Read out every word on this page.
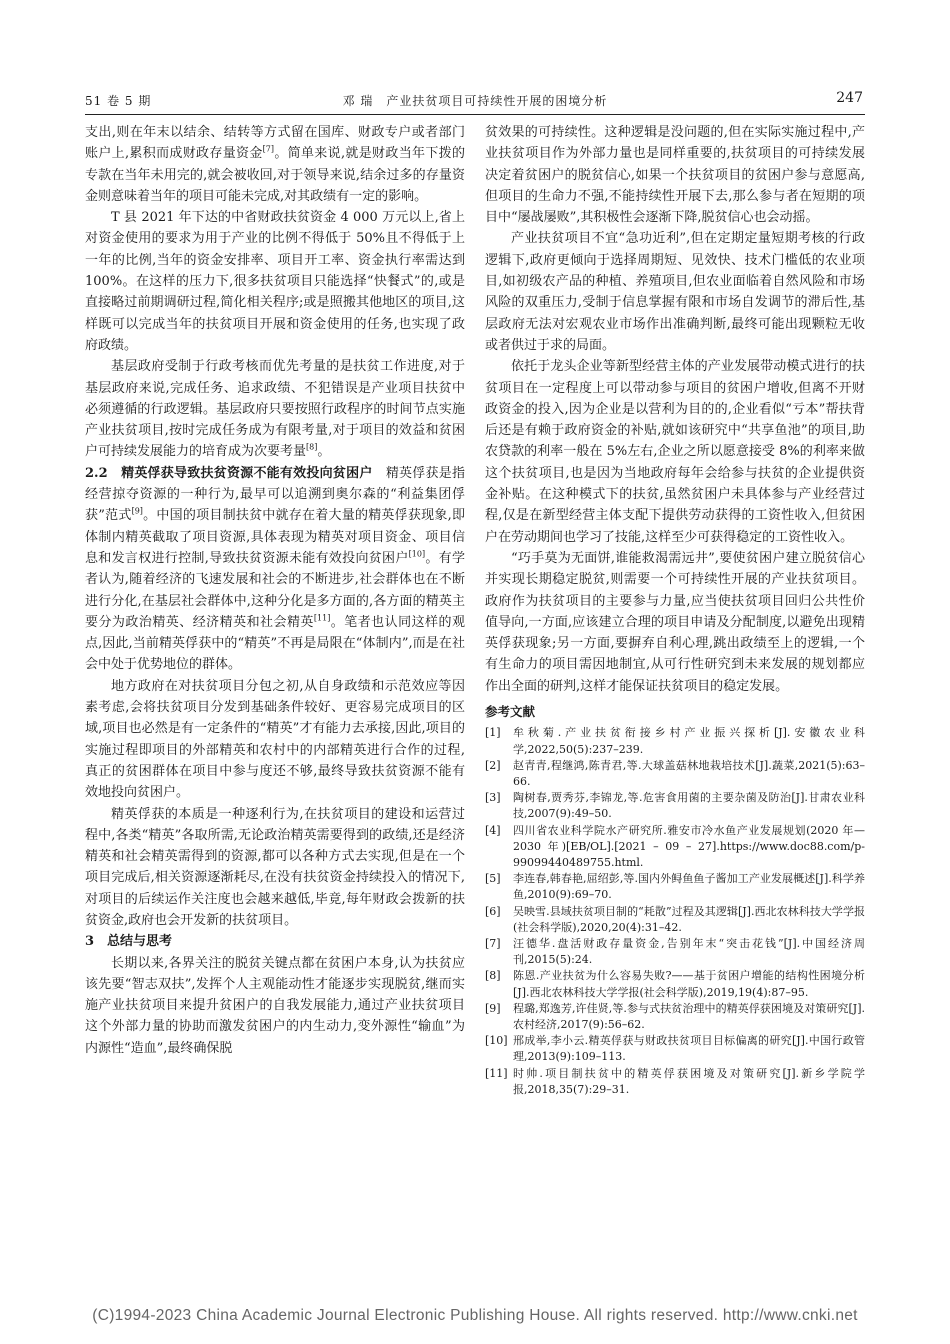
51 卷 5 期	邓 瑞　产业扶贫项目可持续性开展的困境分析	247

支出,则在年末以结余、结转等方式留在国库、财政专户或者部门账户上,累积而成财政存量资金[7]。简单来说,就是财政当年下拨的专款在当年未用完的,就会被收回,对于领导来说,结余过多的存量资金则意味着当年的项目可能未完成,对其政绩有一定的影响。

T 县 2021 年下达的中省财政扶贫资金 4 000 万元以上,省上对资金使用的要求为用于产业的比例不得低于 50%且不得低于上一年的比例,当年的资金安排率、项目开工率、资金执行率需达到 100%。在这样的压力下,很多扶贫项目只能选择“快餐式”的,或是直接略过前期调研过程,简化相关程序;或是照搬其他地区的项目,这样既可以完成当年的扶贫项目开展和资金使用的任务,也实现了政府政绩。

基层政府受制于行政考核而优先考量的是扶贫工作进度,对于基层政府来说,完成任务、追求政绩、不犯错误是产业项目扶贫中必须遵循的行政逻辑。基层政府只要按照行政程序的时间节点实施产业扶贫项目,按时完成任务成为有限考量,对于项目的效益和贫困户可持续发展能力的培育成为次要考量[8]。

2.2　精英俘获导致扶贫资源不能有效投向贫困户　精英俘获是指经营掠夺资源的一种行为,最早可以追溯到奥尔森的“利益集团俘获”范式[9]。中国的项目制扶贫中就存在着大量的精英俘获现象,即体制内精英截取了项目资源,具体表现为精英对项目资金、项目信息和发言权进行控制,导致扶贫资源未能有效投向贫困户[10]。有学者认为,随着经济的飞速发展和社会的不断进步,社会群体也在不断进行分化,在基层社会群体中,这种分化是多方面的,各方面的精英主要分为政治精英、经济精英和社会精英[11]。笔者也认同这样的观点,因此,当前精英俘获中的“精英”不再是局限在“体制内”,而是在社会中处于优势地位的群体。

地方政府在对扶贫项目分包之初,从自身政绩和示范效应等因素考虑,会将扶贫项目分发到基础条件较好、更容易完成项目的区域,项目也必然是有一定条件的“精英”才有能力去承接,因此,项目的实施过程即项目的外部精英和农村中的内部精英进行合作的过程,真正的贫困群体在项目中参与度还不够,最终导致扶贫资源不能有效地投向贫困户。

精英俘获的本质是一种逐利行为,在扶贫项目的建设和运营过程中,各类“精英”各取所需,无论政治精英需要得到的政绩,还是经济精英和社会精英需得到的资源,都可以各种方式去实现,但是在一个项目完成后,相关资源逐渐耗尽,在没有扶贫资金持续投入的情况下,对项目的后续运作关注度也会越来越低,毕竟,每年财政会拨新的扶贫资金,政府也会开发新的扶贫项目。

3　总结与思考

长期以来,各界关注的脱贫关键点都在贫困户本身,认为扶贫应该先要“智志双扶”,发挥个人主观能动性才能逐步实现脱贫,继而实施产业扶贫项目来提升贫困户的自我发展能力,通过产业扶贫项目这个外部力量的协助而激发贫困户的内生动力,变外源性“输血”为内源性“造血”,最终确保脱

贫效果的可持续性。这种逻辑是没问题的,但在实际实施过程中,产业扶贫项目作为外部力量也是同样重要的,扶贫项目的可持续发展决定着贫困户的脱贫信心,如果一个扶贫项目的贫困户参与意愿高,但项目的生命力不强,不能持续性开展下去,那么参与者在短期的项目中“屡战屡败”,其积极性会逐渐下降,脱贫信心也会动摇。

产业扶贫项目不宜“急功近利”,但在定期定量短期考核的行政逻辑下,政府更倾向于选择周期短、见效快、技术门槛低的农业项目,如初级农产品的种植、养殖项目,但农业面临着自然风险和市场风险的双重压力,受制于信息掌握有限和市场自发调节的滞后性,基层政府无法对宏观农业市场作出准确判断,最终可能出现颗粒无收或者供过于求的局面。

依托于龙头企业等新型经营主体的产业发展带动模式进行的扶贫项目在一定程度上可以带动参与项目的贫困户增收,但离不开财政资金的投入,因为企业是以营利为目的的,企业看似“亏本”帮扶背后还是有赖于政府资金的补贴,就如该研究中“共享鱼池”的项目,助农贷款的利率一般在 5%左右,企业之所以愿意接受 8%的利率来做这个扶贫项目,也是因为当地政府每年会给参与扶贫的企业提供资金补贴。在这种模式下的扶贫,虽然贫困户未具体参与产业经营过程,仅是在新型经营主体支配下提供劳动获得的工资性收入,但贫困户在劳动期间也学习了技能,这样至少可获得稳定的工资性收入。

“巧手莫为无面饼,谁能救渴需远井”,要使贫困户建立脱贫信心并实现长期稳定脱贫,则需要一个可持续性开展的产业扶贫项目。政府作为扶贫项目的主要参与力量,应当使扶贫项目回归公共性价值导向,一方面,应该建立合理的项目申请及分配制度,以避免出现精英俘获现象;另一方面,要摒弃自利心理,跳出政绩至上的逻辑,一个有生命力的项目需因地制宜,从可行性研究到未来发展的规划都应作出全面的研判,这样才能保证扶贫项目的稳定发展。

参考文献
[1]	牟秋菊.产业扶贫衔接乡村产业振兴探析[J].安徽农业科学,2022,50(5):237–239.
[2]	赵青青,程继鸿,陈青君,等.大球盖菇林地栽培技术[J].蔬菜,2021(5):63–66.
[3]	陶树春,贾秀芬,李锦龙,等.危害食用菌的主要杂菌及防治[J].甘肃农业科技,2007(9):49–50.
[4]	四川省农业科学院水产研究所.雅安市冷水鱼产业发展规划(2020 年—2030 年)[EB/OL].[2021 – 09 – 27].https://www.doc88.com/p-99099440489755.html.
[5]	李连春,韩春艳,屈绍彭,等.国内外鲟鱼鱼子酱加工产业发展概述[J].科学养鱼,2010(9):69–70.
[6]	吴映雪.县域扶贫项目制的“耗散”过程及其逻辑[J].西北农林科技大学学报(社会科学版),2020,20(4):31–42.
[7]	汪德华.盘活财政存量资金,告别年末“突击花钱”[J].中国经济周刊,2015(5):24.
[8]	陈恩.产业扶贫为什么容易失败?——基于贫困户增能的结构性困境分析[J].西北农林科技大学学报(社会科学版),2019,19(4):87–95.
[9]	程璐,郑逸芳,许佳贤,等.参与式扶贫治理中的精英俘获困境及对策研究[J].农村经济,2017(9):56–62.
[10] 邢成举,李小云.精英俘获与财政扶贫项目目标偏离的研究[J].中国行政管理,2013(9):109–113.
[11] 时帅.项目制扶贫中的精英俘获困境及对策研究[J].新乡学院学报,2018,35(7):29–31.
(C)1994-2023 China Academic Journal Electronic Publishing House. All rights reserved. http://www.cnki.net
